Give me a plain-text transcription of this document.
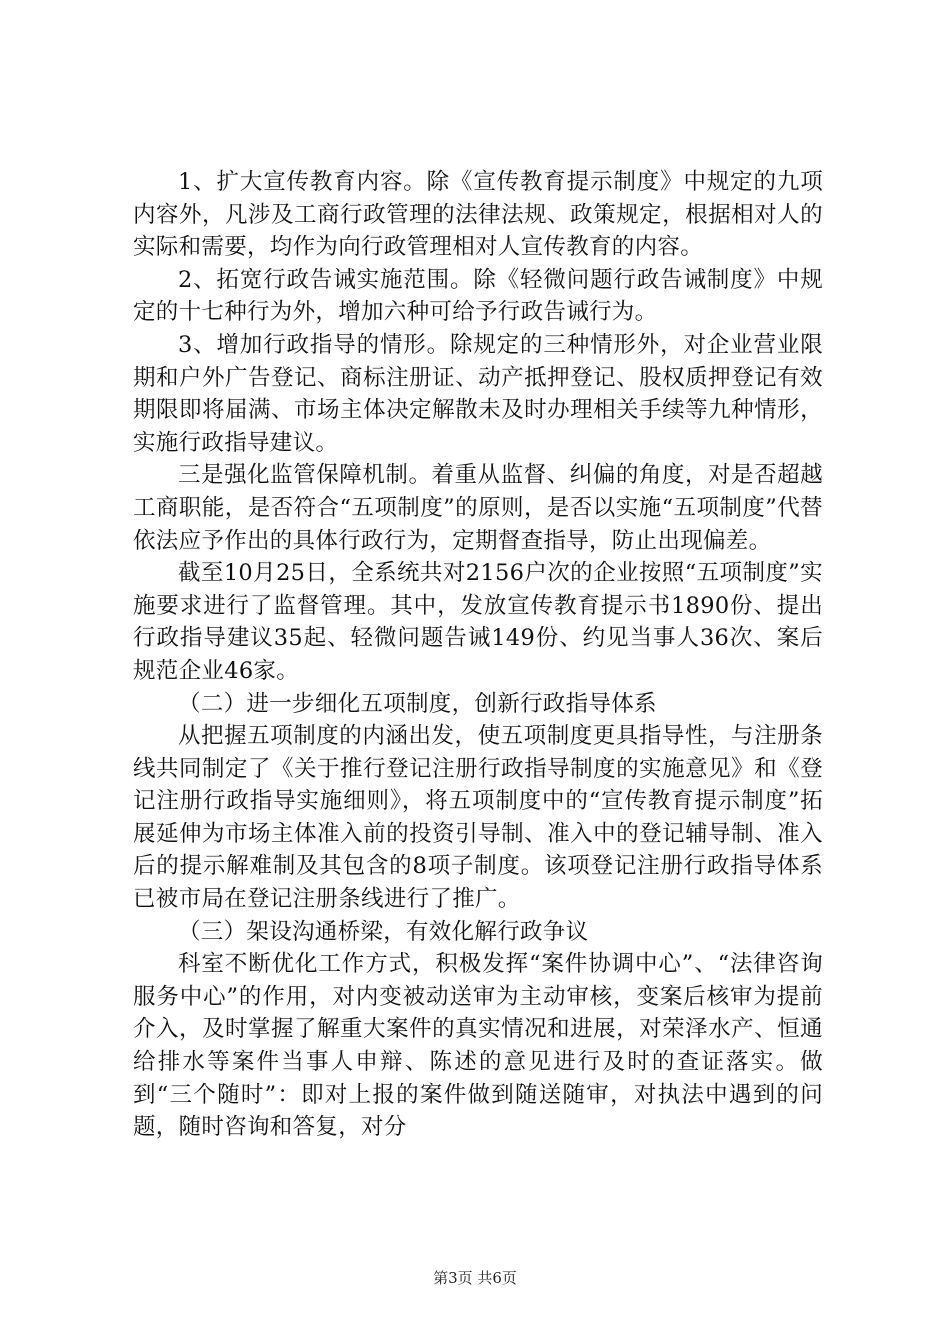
1、扩大宣传教育内容。除《宣传教育提示制度》中规定的九项内容外，凡涉及工商行政管理的法律法规、政策规定，根据相对人的实际和需要，均作为向行政管理相对人宣传教育的内容。

2、拓宽行政告诫实施范围。除《轻微问题行政告诫制度》中规定的十七种行为外，增加六种可给予行政告诫行为。

3、增加行政指导的情形。除规定的三种情形外，对企业营业限期和户外广告登记、商标注册证、动产抵押登记、股权质押登记有效期限即将届满、市场主体决定解散未及时办理相关手续等九种情形，实施行政指导建议。

三是强化监管保障机制。着重从监督、纠偏的角度，对是否超越工商职能，是否符合“五项制度”的原则，是否以实施“五项制度”代替依法应予作出的具体行政行为，定期督查指导，防止出现偏差。

截至10月25日，全系统共对2156户次的企业按照“五项制度”实施要求进行了监督管理。其中，发放宣传教育提示书1890份、提出行政指导建议35起、轻微问题告诫149份、约见当事人36次、案后规范企业46家。

（二）进一步细化五项制度，创新行政指导体系

从把握五项制度的内涵出发，使五项制度更具指导性，与注册条线共同制定了《关于推行登记注册行政指导制度的实施意见》和《登记注册行政指导实施细则》，将五项制度中的“宣传教育提示制度”拓展延伸为市场主体准入前的投资引导制、准入中的登记辅导制、准入后的提示解难制及其包含的8项子制度。该项登记注册行政指导体系已被市局在登记注册条线进行了推广。

（三）架设沟通桥梁，有效化解行政争议

科室不断优化工作方式，积极发挥“案件协调中心”、“法律咨询服务中心”的作用，对内变被动送审为主动审核，变案后核审为提前介入，及时掌握了解重大案件的真实情况和进展，对荣泽水产、恒通给排水等案件当事人申辩、陈述的意见进行及时的查证落实。做到“三个随时”：即对上报的案件做到随送随审，对执法中遇到的问题，随时咨询和答复，对分

第3页 共6页
